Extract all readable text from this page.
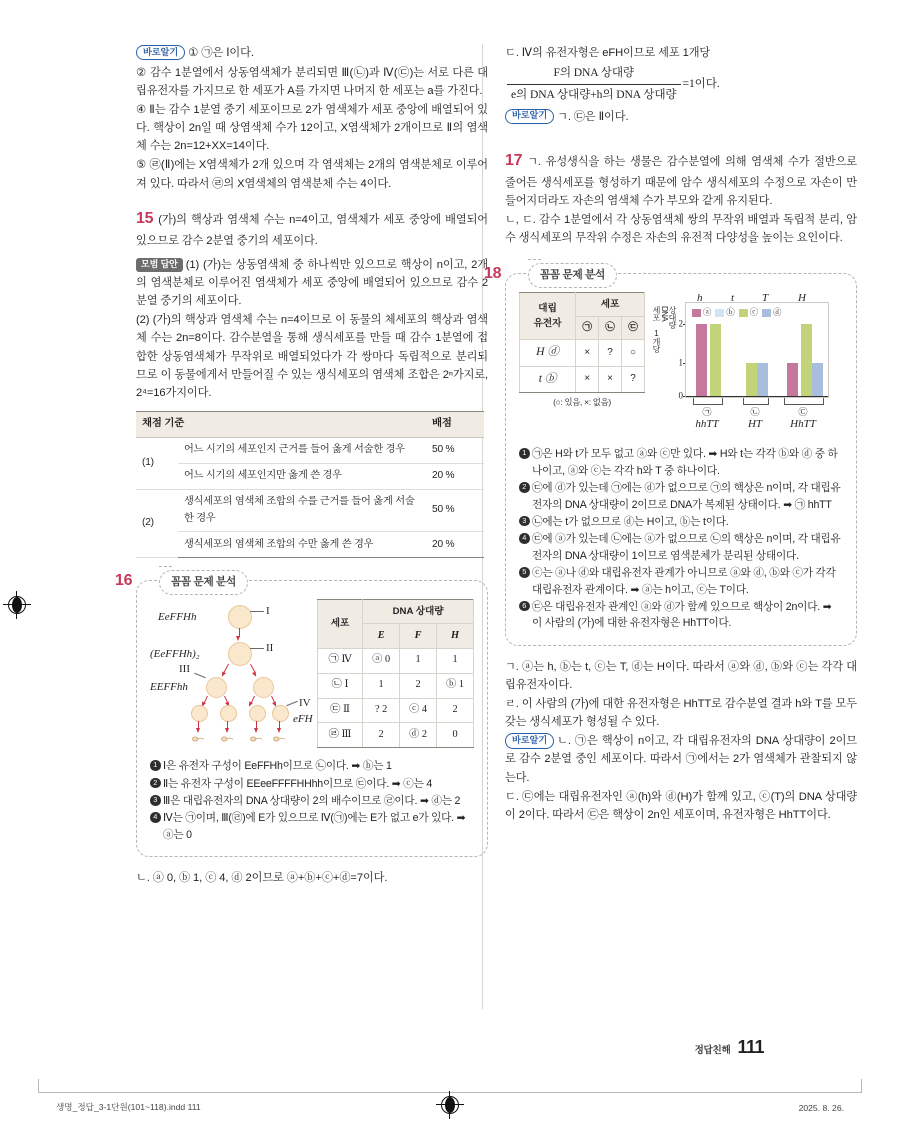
바로알기 ① ㉠은 Ⅰ이다.

② 감수 1분열에서 상동염색체가 분리되면 Ⅲ(㉡)과 Ⅳ(㉢)는 서로 다른 대립유전자를 가지므로 한 세포가 A를 가지면 나머지 한 세포는 a를 가진다.

④ Ⅱ는 감수 1분열 중기 세포이므로 2가 염색체가 세포 중앙에 배열되어 있다. 핵상이 2n일 때 상염색체 수가 12이고, X염색체가 2개이므로 Ⅱ의 염색체 수는 2n=12+XX=14이다.

⑤ ㉣(Ⅱ)에는 X염색체가 2개 있으며 각 염색체는 2개의 염색분체로 이루어져 있다. 따라서 ㉣의 X염색체의 염색분체 수는 4이다.

15 (가)의 핵상과 염색체 수는 n=4이고, 염색체가 세포 중앙에 배열되어 있으므로 감수 2분열 중기의 세포이다.

모범 답안 (1) (가)는 상동염색체 중 하나씩만 있으므로 핵상이 n이고, 2개의 염색분체로 이루어진 염색체가 세포 중앙에 배열되어 있으므로 감수 2분열 중기의 세포이다.

(2) (가)의 핵상과 염색체 수는 n=4이므로 이 동물의 체세포의 핵상과 염색체 수는 2n=8이다. 감수분열을 통해 생식세포를 만들 때 감수 1분열에 접합한 상동염색체가 무작위로 배열되었다가 각 쌍마다 독립적으로 분리되므로 이 동물에게서 만들어질 수 있는 생식세포의 염색체 조합은 2ⁿ가지로, 2⁴=16가지이다.

채점 기준		배점
(1)	어느 시기의 세포인지 근거를 들어 옳게 서술한 경우	50 %
	어느 시기의 세포인지만 옳게 쓴 경우	20 %
(2)	생식세포의 염색체 조합의 수를 근거를 들어 옳게 서술한 경우	50 %
	생식세포의 염색체 조합의 수만 옳게 쓴 경우	20 %
16	꼼꼼 문제 분석
I
EeFFHh
II
(EeFFHh)₂
III
EEFFhh
IV
eFH
세포	DNA 상대량		
	E	F	H
㉠ Ⅳ	ⓐ 0	1	1
㉡ Ⅰ	1	2	ⓑ 1
㉢ Ⅱ	? 2	ⓒ 4	2
㉣ Ⅲ	2	ⓓ 2	0
1 Ⅰ은 유전자 구성이 EeFFHh이므로 ㉡이다. ➡ ⓑ는 1
2 Ⅱ는 유전자 구성이 EEeeFFFFHHhh이므로 ㉢이다. ➡ ⓒ는 4
3 Ⅲ은 대립유전자의 DNA 상대량이 2의 배수이므로 ㉣이다. ➡ ⓓ는 2
4 Ⅳ는 ㉠이며, Ⅲ(㉣)에 E가 있으므로 Ⅳ(㉠)에는 E가 없고 e가 있다. ➡ ⓐ는 0

ㄴ. ⓐ 0, ⓑ 1, ⓒ 4, ⓓ 2이므로 ⓐ+ⓑ+ⓒ+ⓓ=7이다.

ㄷ. Ⅳ의 유전자형은 eFH이므로 세포 1개당

$\frac{\text{F의 DNA 상대량}}{\text{e의 DNA 상대량+h의 DNA 상대량}} =1$이다.

바로알기 ㄱ. ㉢은 Ⅱ이다.

17 ㄱ. 유성생식을 하는 생물은 감수분열에 의해 염색체 수가 절반으로 줄어든 생식세포를 형성하기 때문에 암수 생식세포의 수정으로 자손이 만들어지더라도 자손의 염색체 수가 부모와 같게 유지된다.

ㄴ, ㄷ. 감수 1분열에서 각 상동염색체 쌍의 무작위 배열과 독립적 분리, 암수 생식세포의 무작위 수정은 자손의 유전적 다양성을 높이는 요인이다.

18	꼼꼼 문제 분석
대립
유전자	세포		
	㉠	㉡	㉢
H ⓓ	×	?	○
t ⓑ	×	×	?
(○: 있음, ×: 없음)
세포 1개당 DNA 상대량
0
1
2
ⓐ ⓑ ⓒ ⓓ
h	t	T	H
㉠	㉡	㉢
hhTT	HT	HhTT
1 ㉠은 H와 t가 모두 없고 ⓐ와 ⓒ만 있다. ➡ H와 t는 각각 ⓑ와 ⓓ 중 하나이고, ⓐ와 ⓒ는 각각 h와 T 중 하나이다.
2 ㉢에 ⓓ가 있는데 ㉠에는 ⓓ가 없으므로 ㉠의 핵상은 n이며, 각 대립유전자의 DNA 상대량이 2이므로 DNA가 복제된 상태이다. ➡ ㉠ hhTT
3 ㉡에는 t가 없으므로 ⓓ는 H이고, ⓑ는 t이다.
4 ㉢에 ⓐ가 있는데 ㉡에는 ⓐ가 없으므로 ㉡의 핵상은 n이며, 각 대립유전자의 DNA 상대량이 1이므로 염색분체가 분리된 상태이다.
5 ⓒ는 ⓐ나 ⓓ와 대립유전자 관계가 아니므로 ⓐ와 ⓓ, ⓑ와 ⓒ가 각각 대립유전자 관계이다. ➡ ⓐ는 h이고, ⓒ는 T이다.
6 ㉢은 대립유전자 관계인 ⓐ와 ⓓ가 함께 있으므로 핵상이 2n이다. ➡ 이 사람의 (가)에 대한 유전자형은 HhTT이다.

ㄱ. ⓐ는 h, ⓑ는 t, ⓒ는 T, ⓓ는 H이다. 따라서 ⓐ와 ⓓ, ⓑ와 ⓒ는 각각 대립유전자이다.

ㄹ. 이 사람의 (가)에 대한 유전자형은 HhTT로 감수분열 결과 h와 T를 모두 갖는 생식세포가 형성될 수 있다.

바로알기 ㄴ. ㉠은 핵상이 n이고, 각 대립유전자의 DNA 상대량이 2이므로 감수 2분열 중인 세포이다. 따라서 ㉠에서는 2가 염색체가 관찰되지 않는다.

ㄷ. ㉢에는 대립유전자인 ⓐ(h)와 ⓓ(H)가 함께 있고, ⓒ(T)의 DNA 상대량이 2이다. 따라서 ㉢은 핵상이 2n인 세포이며, 유전자형은 HhTT이다.

정답친해 111
생명_정답_3-1단원(101~118).indd 111	2025. 8. 26.
